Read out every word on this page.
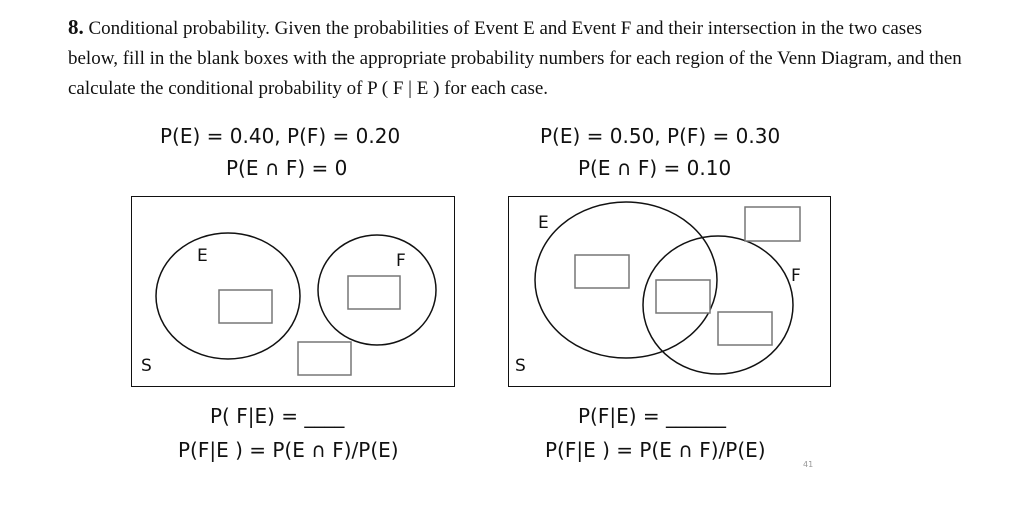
8. Conditional probability. Given the probabilities of Event E and Event F and their intersection in the two cases below, fill in the blank boxes with the appropriate probability numbers for each region of the Venn Diagram, and then calculate the conditional probability of P ( F | E ) for each case.
P(E) = 0.40, P(F) = 0.20
P(E ∩ F) = 0
P(E) = 0.50, P(F) = 0.30
P(E ∩ F) = 0.10
E	F
S
E
F
S
P( F|E) = ____
P(F|E ) = P(E ∩ F)/P(E)
P(F|E) = ______
P(F|E ) = P(E ∩ F)/P(E)
41
